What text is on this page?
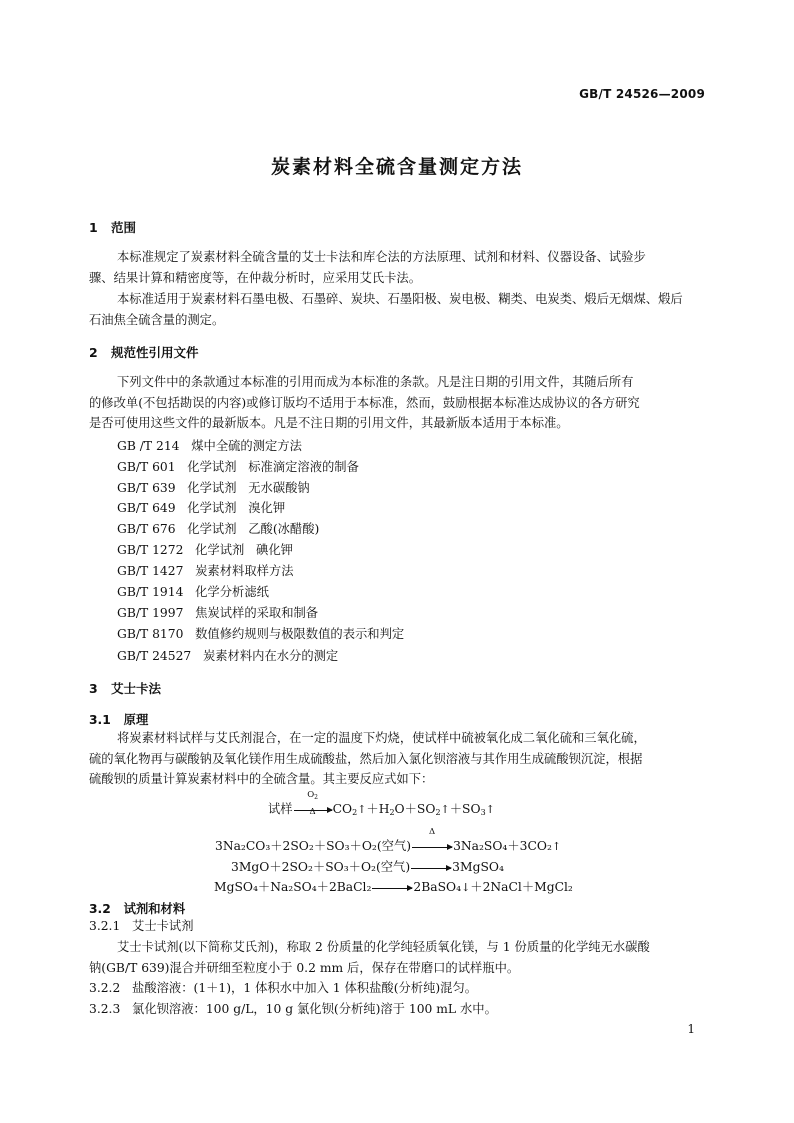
GB/T 24526—2009
炭素材料全硫含量测定方法
1 范围
本标准规定了炭素材料全硫含量的艾士卡法和库仑法的方法原理、试剂和材料、仪器设备、试验步
骤、结果计算和精密度等，在仲裁分析时，应采用艾氏卡法。
本标准适用于炭素材料石墨电极、石墨碎、炭块、石墨阳极、炭电极、糊类、电炭类、煅后无烟煤、煅后
石油焦全硫含量的测定。
2 规范性引用文件
下列文件中的条款通过本标准的引用而成为本标准的条款。凡是注日期的引用文件，其随后所有
的修改单(不包括勘误的内容)或修订版均不适用于本标准，然而，鼓励根据本标准达成协议的各方研究
是否可使用这些文件的最新版本。凡是不注日期的引用文件，其最新版本适用于本标准。
GB /T 214   煤中全硫的测定方法
GB/T 601   化学试剂   标准滴定溶液的制备
GB/T 639   化学试剂   无水碳酸钠
GB/T 649   化学试剂   溴化钾
GB/T 676   化学试剂   乙酸(冰醋酸)
GB/T 1272   化学试剂   碘化钾
GB/T 1427   炭素材料取样方法
GB/T 1914   化学分析滤纸
GB/T 1997   焦炭试样的采取和制备
GB/T 8170   数值修约规则与极限数值的表示和判定
GB/T 24527   炭素材料内在水分的测定
3 艾士卡法
3.1 原理
将炭素材料试样与艾氏剂混合，在一定的温度下灼烧，使试样中硫被氧化成二氧化硫和三氧化硫，
硫的氧化物再与碳酸钠及氧化镁作用生成硫酸盐，然后加入氯化钡溶液与其作用生成硫酸钡沉淀，根据
硫酸钡的质量计算炭素材料中的全硫含量。其主要反应式如下：
试样 $\frac{O_2}{\Delta}$ $CO_2↑+H_2O+SO_2↑+SO_3↑$
3Na₂CO₃＋2SO₂＋SO₃＋O₂(空气)
Δ
3Na₂SO₄＋3CO₂↑
3MgO＋2SO₂＋SO₃＋O₂(空气)→3MgSO₄
MgSO₄＋Na₂SO₄＋2BaCl₂→2BaSO₄↓＋2NaCl＋MgCl₂
3.2 试剂和材料
3.2.1 艾士卡试剂
艾士卡试剂(以下简称艾氏剂)，称取 2 份质量的化学纯轻质氧化镁，与 1 份质量的化学纯无水碳酸
钠(GB/T 639)混合并研细至粒度小于 0.2 mm 后，保存在带磨口的试样瓶中。
3.2.2 盐酸溶液：(1＋1)，1 体积水中加入 1 体积盐酸(分析纯)混匀。
3.2.3 氯化钡溶液：100 g/L，10 g 氯化钡(分析纯)溶于 100 mL 水中。
1
